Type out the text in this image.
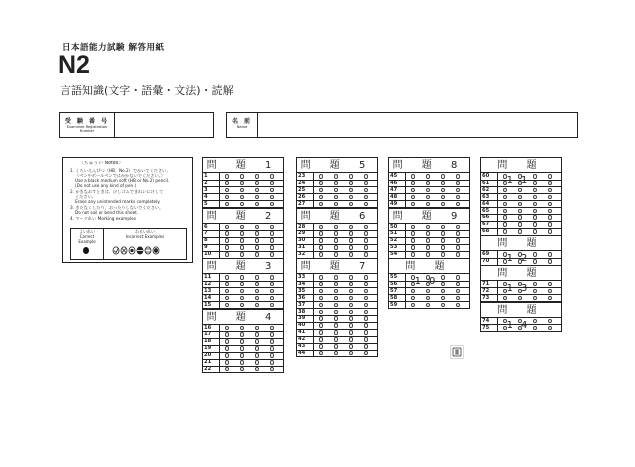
日本語能力試験 解答用紙
N2
言語知識(文字・語彙・文法)・読解
受 験 番 号
Examinee Registration Number
名 前
Name
〈ちゅうい Notes〉
1. くろいえんぴつ（HB、No.2）でかいてください。
（ペンやボールペンではかかないでください。）
Use a black medium soft (HB or No.2) pencil.
(Do not use any kind of pen.)
2. かきなおすときは、けしゴムできれいにけして
ください。
Erase any unintended marks completely.
3. きたなくしたり、おったりしないでください。
Do not soil or bend this sheet.
4. マークれい Marking examples
よいれい
Correct Example
わるいれい
Incorrect Examples
問 題 1
1
2
3
4
5
問 題 2
6
7
8
9
10
問 題 3
11
12
13
14
15
問 題 4
16
17
18
19
20
21
22
問 題 5
23
24
25
26
27
問 題 6
28
29
30
31
32
問 題 7
33
34
35
36
37
38
39
40
41
42
43
44
問 題 8
45
46
47
48
49
問 題 9
50
51
52
53
54
問 題 10
55
56
57
58
59
問 題 11
60
61
62
63
64
65
66
67
68
問 題 12
69
70
問 題 13
71
72
73
問 題 14
74
75
